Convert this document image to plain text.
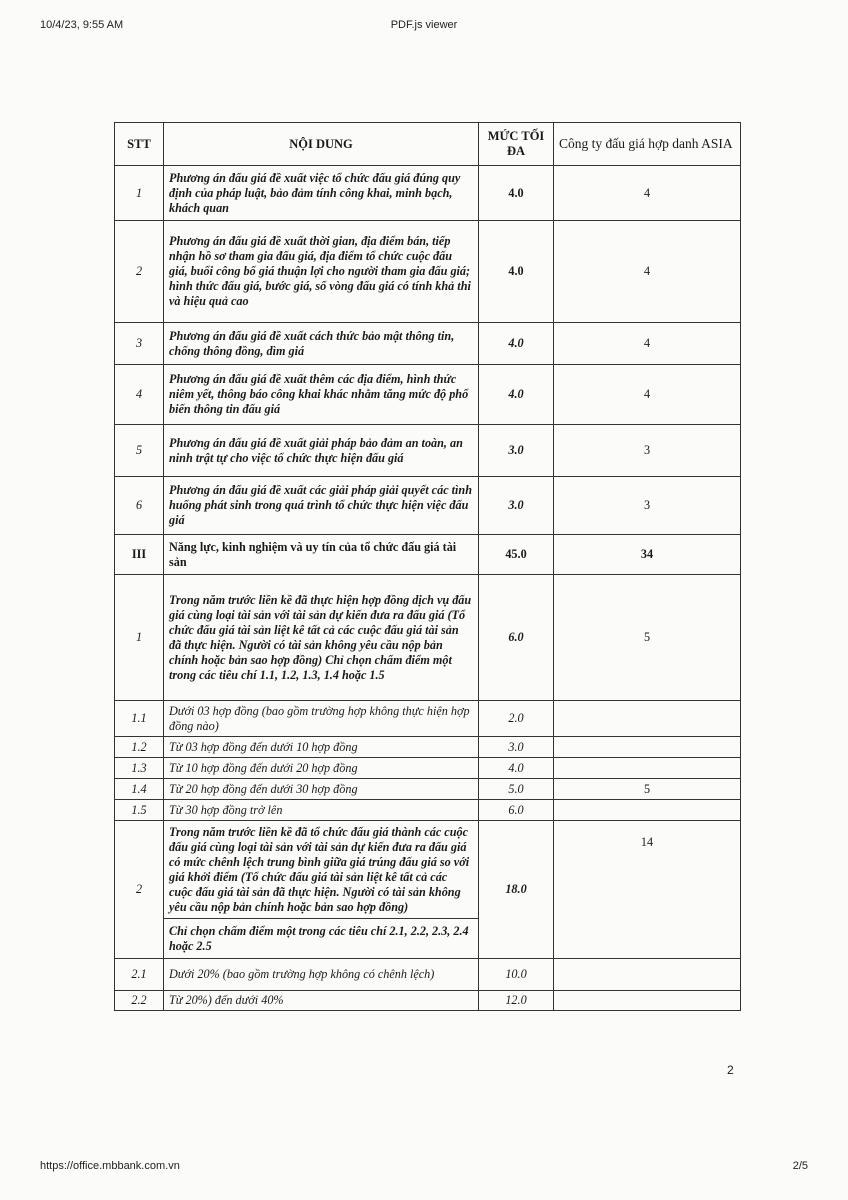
10/4/23, 9:55 AM	PDF.js viewer
STT	NỘI DUNG	MỨC TỐI ĐA	Công ty đấu giá hợp danh ASIA
1	Phương án đấu giá đề xuất việc tổ chức đấu giá đúng quy định của pháp luật, bảo đảm tính công khai, minh bạch, khách quan	4.0	4
2	Phương án đấu giá đề xuất thời gian, địa điểm bán, tiếp nhận hồ sơ tham gia đấu giá, địa điểm tổ chức cuộc đấu giá, buổi công bố giá thuận lợi cho người tham gia đấu giá; hình thức đấu giá, bước giá, số vòng đấu giá có tính khả thi và hiệu quả cao	4.0	4
3	Phương án đấu giá đề xuất cách thức bảo mật thông tin, chống thông đồng, dìm giá	4.0	4
4	Phương án đấu giá đề xuất thêm các địa điểm, hình thức niêm yết, thông báo công khai khác nhằm tăng mức độ phổ biến thông tin đấu giá	4.0	4
5	Phương án đấu giá đề xuất giải pháp bảo đảm an toàn, an ninh trật tự cho việc tổ chức thực hiện đấu giá	3.0	3
6	Phương án đấu giá đề xuất các giải pháp giải quyết các tình huống phát sinh trong quá trình tổ chức thực hiện việc đấu giá	3.0	3
III	Năng lực, kinh nghiệm và uy tín của tổ chức đấu giá tài sản	45.0	34
1	Trong năm trước liền kề đã thực hiện hợp đồng dịch vụ đấu giá cùng loại tài sản với tài sản dự kiến đưa ra đấu giá (Tổ chức đấu giá tài sản liệt kê tất cả các cuộc đấu giá tài sản đã thực hiện. Người có tài sản không yêu cầu nộp bản chính hoặc bản sao hợp đồng) Chỉ chọn chấm điểm một trong các tiêu chí 1.1, 1.2, 1.3, 1.4 hoặc 1.5	6.0	5
1.1	Dưới 03 hợp đồng (bao gồm trường hợp không thực hiện hợp đồng nào)	2.0	
1.2	Từ 03 hợp đồng đến dưới 10 hợp đồng	3.0	
1.3	Từ 10 hợp đồng đến dưới 20 hợp đồng	4.0	
1.4	Từ 20 hợp đồng đến dưới 30 hợp đồng	5.0	5
1.5	Từ 30 hợp đồng trở lên	6.0	
2	Trong năm trước liền kề đã tổ chức đấu giá thành các cuộc đấu giá cùng loại tài sản với tài sản dự kiến đưa ra đấu giá có mức chênh lệch trung bình giữa giá trúng đấu giá so với giá khởi điểm (Tổ chức đấu giá tài sản liệt kê tất cả các cuộc đấu giá tài sản đã thực hiện. Người có tài sản không yêu cầu nộp bản chính hoặc bản sao hợp đồng)	18.0	14
	Chỉ chọn chấm điểm một trong các tiêu chí 2.1, 2.2, 2.3, 2.4 hoặc 2.5		
2.1	Dưới 20% (bao gồm trường hợp không có chênh lệch)	10.0	
2.2	Từ 20%) đến dưới 40%	12.0	
2
https://office.mbbank.com.vn	2/5
